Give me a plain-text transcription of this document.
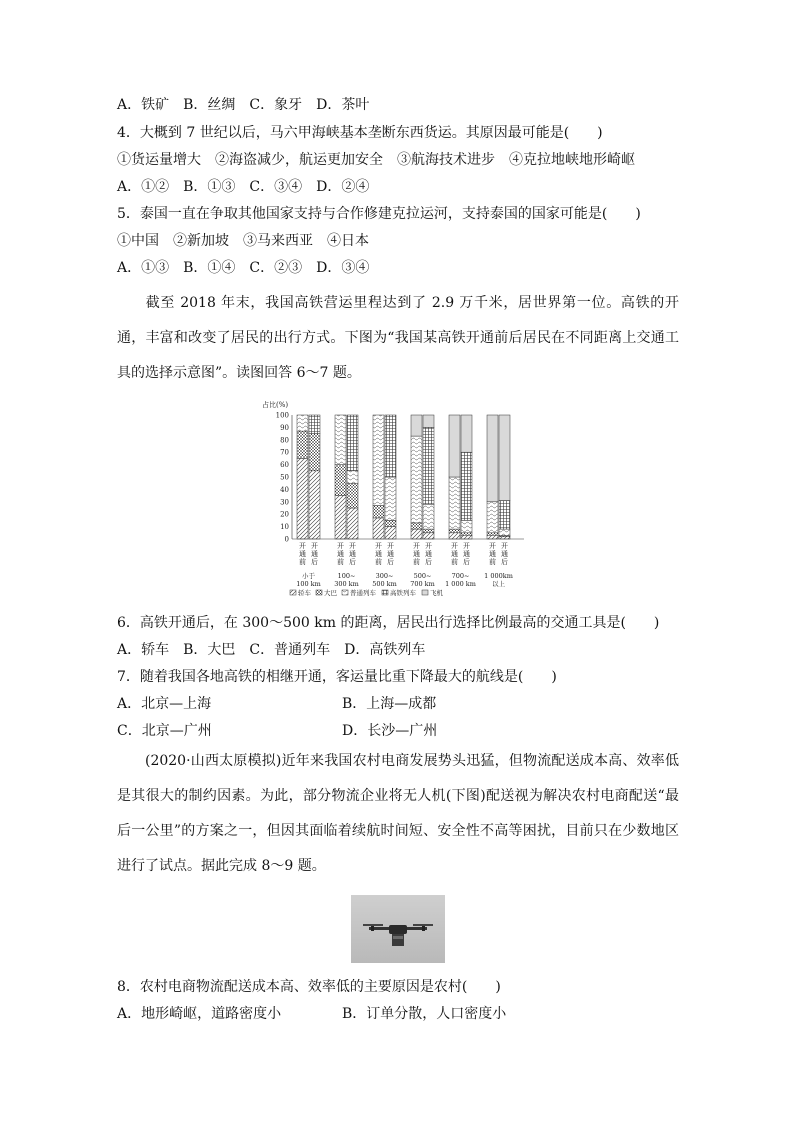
A．铁矿　B．丝绸　C．象牙　D．茶叶
4．大概到 7 世纪以后，马六甲海峡基本垄断东西货运。其原因最可能是(　　)
①货运量增大　②海盗减少，航运更加安全　③航海技术进步　④克拉地峡地形崎岖
A．①②　B．①③　C．③④　D．②④
5．泰国一直在争取其他国家支持与合作修建克拉运河，支持泰国的国家可能是(　　)
①中国　②新加坡　③马来西亚　④日本
A．①③　B．①④　C．②③　D．③④
截至 2018 年末，我国高铁营运里程达到了 2.9 万千米，居世界第一位。高铁的开通，丰富和改变了居民的出行方式。下图为“我国某高铁开通前后居民在不同距离上交通工具的选择示意图”。读图回答 6～7 题。
占比(%)
0
10
20
30
40
50
60
70
80
90
100
开
通
前
开
通
后
小于
100 km
开
通
前
开
通
后
100~
300 km
开
通
前
开
通
后
300~
500 km
开
通
前
开
通
后
500~
700 km
开
通
前
开
通
后
700~
1 000 km
开
通
前
开
通
后
1 000km
以上
轿车 大巴 普通列车 高铁列车 飞机
6．高铁开通后，在 300～500 km 的距离，居民出行选择比例最高的交通工具是(　　)
A．轿车　B．大巴　C．普通列车　D．高铁列车
7．随着我国各地高铁的相继开通，客运量比重下降最大的航线是(　　)
A．北京—上海	B．上海—成都
C．北京—广州	D．长沙—广州
(2020·山西太原模拟)近年来我国农村电商发展势头迅猛，但物流配送成本高、效率低是其很大的制约因素。为此，部分物流企业将无人机(下图)配送视为解决农村电商配送“最后一公里”的方案之一，但因其面临着续航时间短、安全性不高等困扰，目前只在少数地区进行了试点。据此完成 8～9 题。
8．农村电商物流配送成本高、效率低的主要原因是农村(　　)
A．地形崎岖，道路密度小	B．订单分散，人口密度小
